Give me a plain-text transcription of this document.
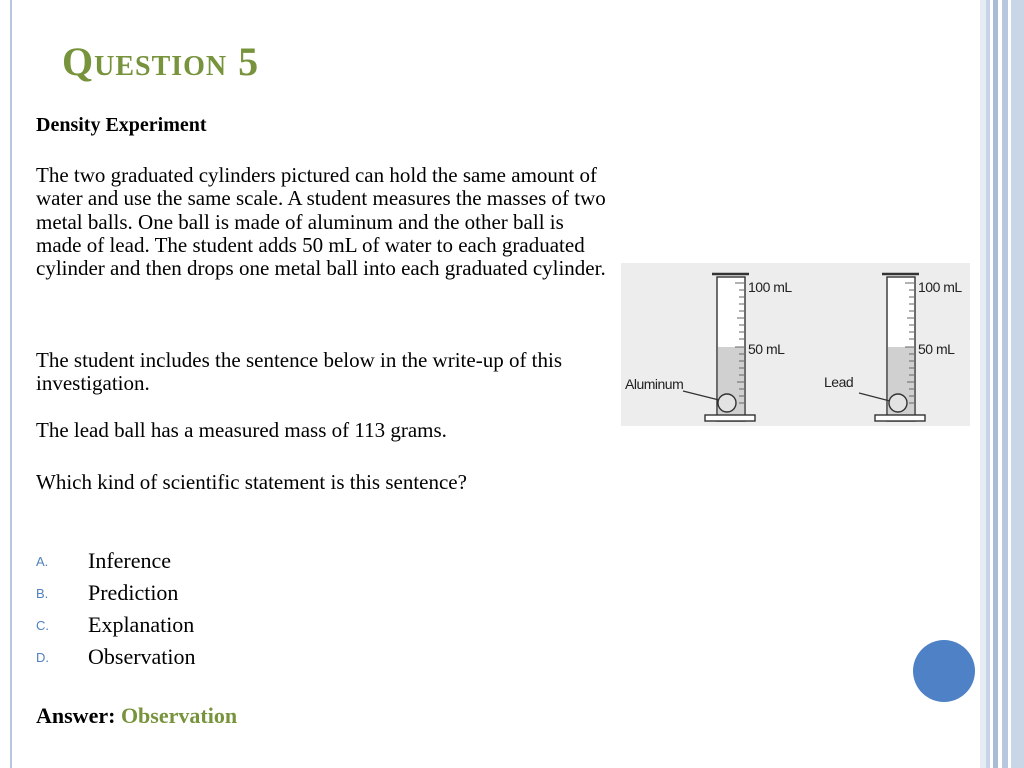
Question 5

Density Experiment

The two graduated cylinders pictured can hold the same amount of water and use the same scale. A student measures the masses of two metal balls. One ball is made of aluminum and the other ball is made of lead. The student adds 50 mL of water to each graduated cylinder and then drops one metal ball into each graduated cylinder.

The student includes the sentence below in the write-up of this investigation.

The lead ball has a measured mass of 113 grams.

Which kind of scientific statement is this sentence?

A.	Inference
B.	Prediction
C.	Explanation
D.	Observation

Answer: Observation

100 mL
50 mL
Aluminum
100 mL
50 mL
Lead
